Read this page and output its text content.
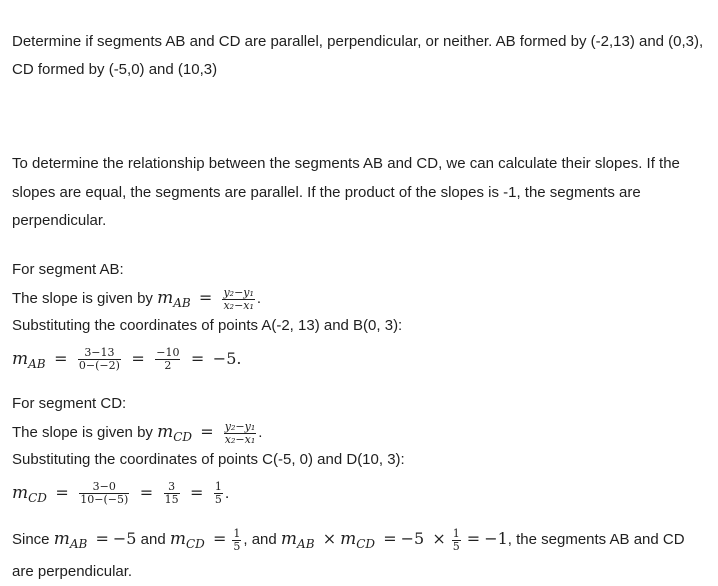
Determine if segments AB and CD are parallel, perpendicular, or neither. AB formed by (-2,13) and (0,3), CD formed by (-5,0) and (10,3)

To determine the relationship between the segments AB and CD, we can calculate their slopes. If the slopes are equal, the segments are parallel. If the product of the slopes is -1, the segments are perpendicular.

For segment AB:

The slope is given by $m_{AB} = \frac{\text{y₂−y₁}}{\text{x₂−x₁}}$ .

Substituting the coordinates of points A(-2, 13) and B(0, 3):

$m_{AB} = \frac{3-13}{0-(-2)} = \frac{-10}{2} = -5$.

For segment CD:

The slope is given by $m_{CD} = \frac{\text{y₂−y₁}}{\text{x₂−x₁}}$ .

Substituting the coordinates of points C(-5, 0) and D(10, 3):

$m_{CD} = \frac{3-0}{10-(-5)} = \frac{3}{15} = \frac{1}{5}$ .

Since $m_{AB} = -5$ and $m_{CD} = \frac{1}{5}$ , and $m_{AB} \times m_{CD} = -5 \times \frac{1}{5} = -1$, the segments AB and CD are perpendicular.
